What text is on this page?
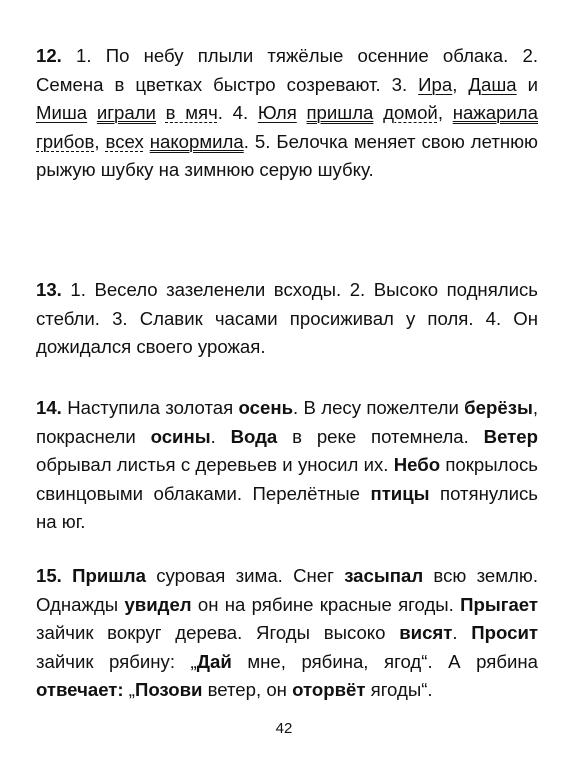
12. 1. По небу плыли тяжёлые осенние облака. 2. Семена в цветках быстро созревают. 3. Ира, Даша и Миша играли в мяч. 4. Юля пришла домой, нажарила грибов, всех накормила. 5. Белочка меняет свою летнюю рыжую шубку на зимнюю серую шубку.

13. 1. Весело зазеленели всходы. 2. Высоко поднялись стебли. 3. Славик часами просиживал у поля. 4. Он дожидался своего урожая.

14. Наступила золотая осень. В лесу пожелтели берёзы, покраснели осины. Вода в реке потемнела. Ветер обрывал листья с деревьев и уносил их. Небо покрылось свинцовыми облаками. Перелётные птицы потянулись на юг.

15. Пришла суровая зима. Снег засыпал всю землю. Однажды увидел он на рябине красные ягоды. Прыгает зайчик вокруг дерева. Ягоды высоко висят. Просит зайчик рябину: „Дай мне, рябина, ягод“. А рябина отвечает: „Позови ветер, он оторвёт ягоды“.

42
